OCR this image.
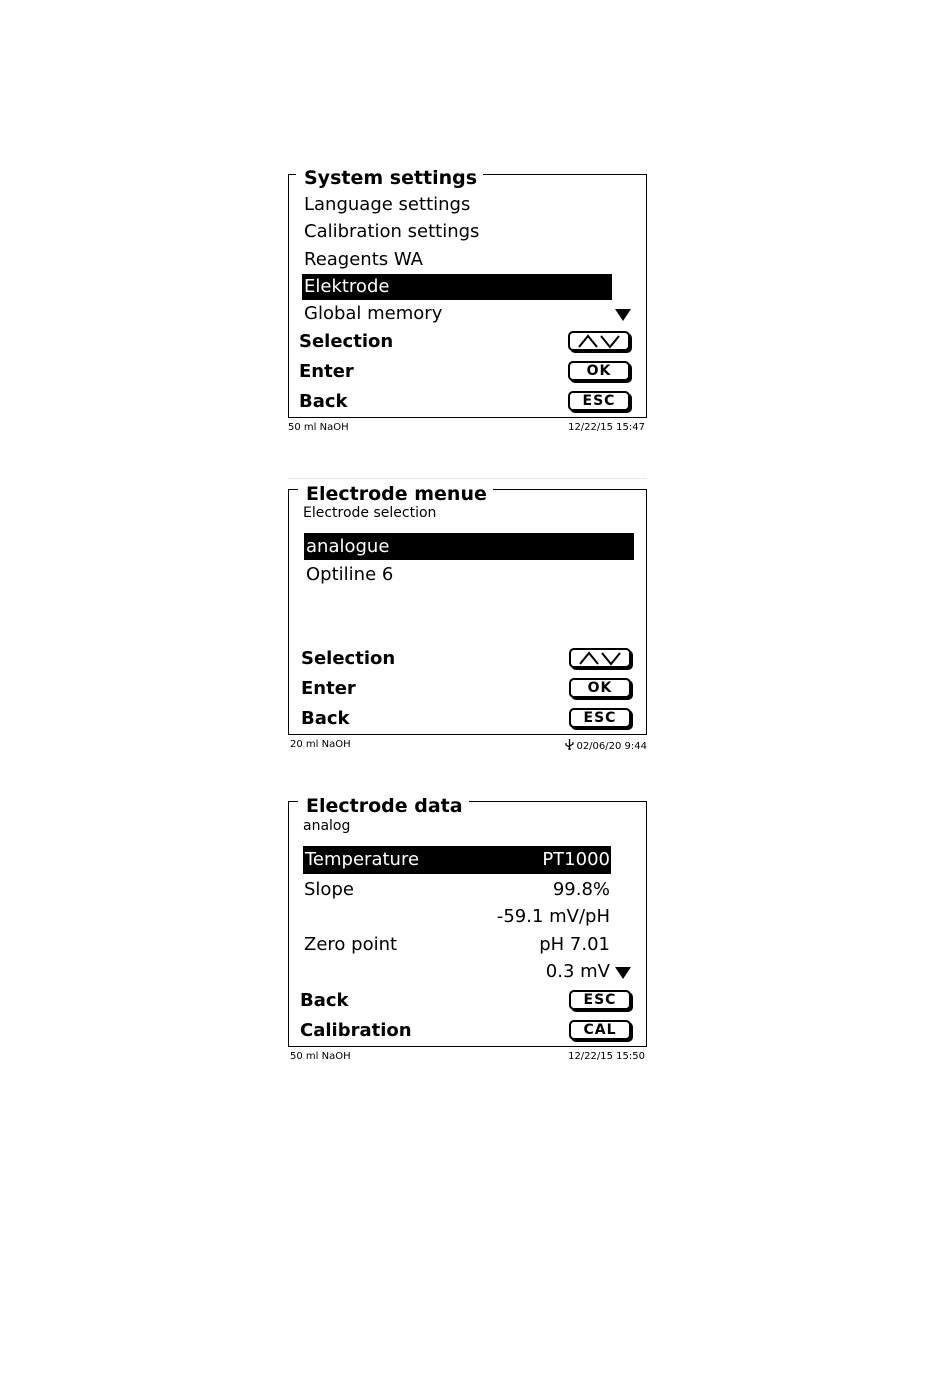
System settings
Language settings
Calibration settings
Reagents WA
Elektrode
Global memory
Selection
Enter	OK
Back	ESC
50 ml NaOH	12/22/15 15:47
Electrode menue
Electrode selection
analogue
Optiline 6
Selection
Enter	OK
Back	ESC
20 ml NaOH	02/06/20 9:44
Electrode data
analog
Temperature	PT1000
Slope	99.8%
-59.1 mV/pH
Zero point	pH 7.01
0.3 mV
Back	ESC
Calibration	CAL
50 ml NaOH	12/22/15 15:50
